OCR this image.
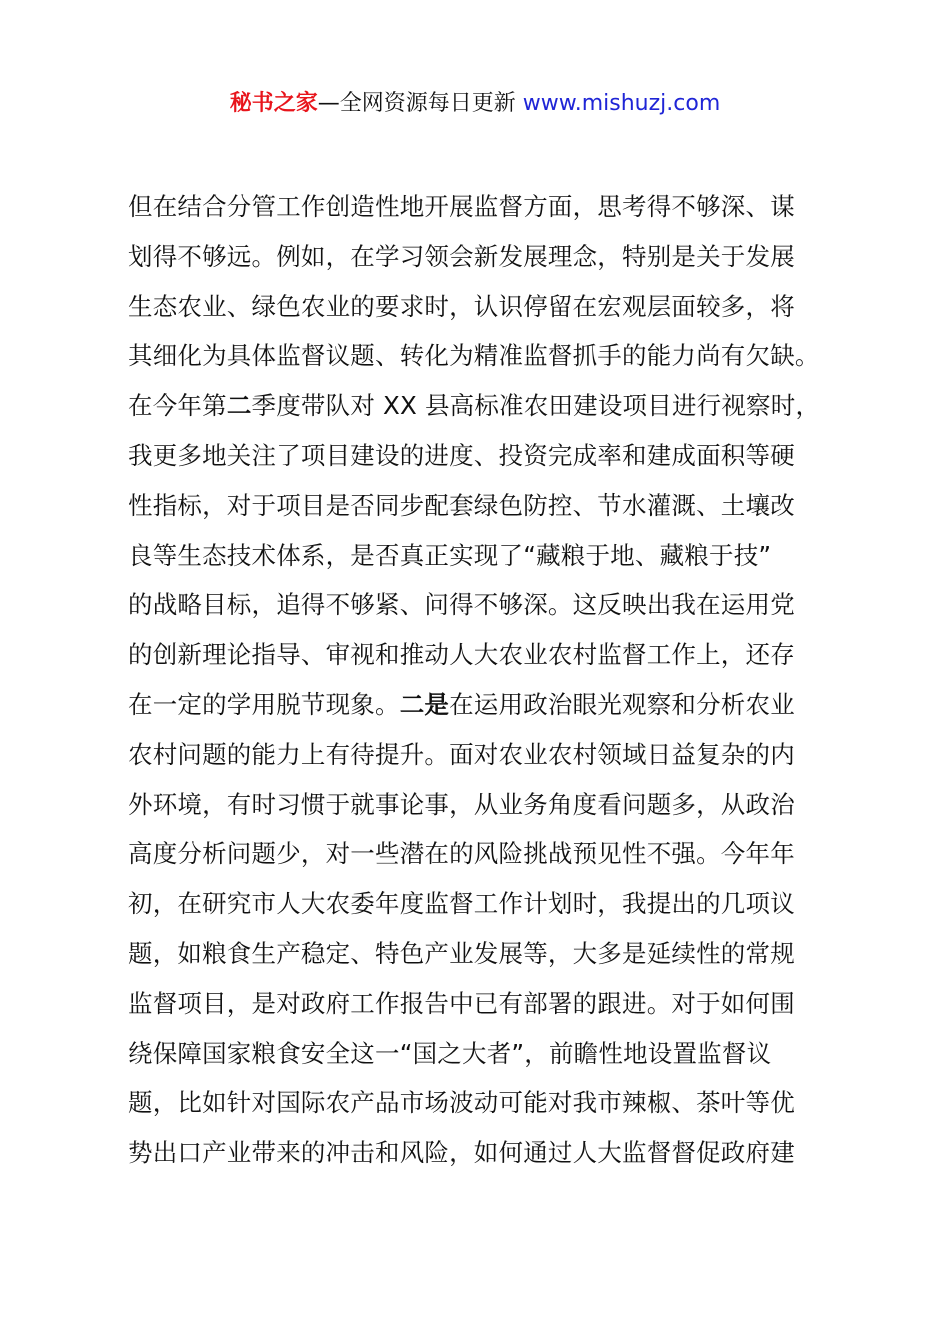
秘书之家—全网资源每日更新 www.mishuzj.com
但在结合分管工作创造性地开展监督方面，思考得不够深、谋
划得不够远。例如，在学习领会新发展理念，特别是关于发展
生态农业、绿色农业的要求时，认识停留在宏观层面较多，将
其细化为具体监督议题、转化为精准监督抓手的能力尚有欠缺。
在今年第二季度带队对 XX 县高标准农田建设项目进行视察时，
我更多地关注了项目建设的进度、投资完成率和建成面积等硬
性指标，对于项目是否同步配套绿色防控、节水灌溉、土壤改
良等生态技术体系，是否真正实现了“藏粮于地、藏粮于技”
的战略目标，追得不够紧、问得不够深。这反映出我在运用党
的创新理论指导、审视和推动人大农业农村监督工作上，还存
在一定的学用脱节现象。二是在运用政治眼光观察和分析农业
农村问题的能力上有待提升。面对农业农村领域日益复杂的内
外环境，有时习惯于就事论事，从业务角度看问题多，从政治
高度分析问题少，对一些潜在的风险挑战预见性不强。今年年
初，在研究市人大农委年度监督工作计划时，我提出的几项议
题，如粮食生产稳定、特色产业发展等，大多是延续性的常规
监督项目，是对政府工作报告中已有部署的跟进。对于如何围
绕保障国家粮食安全这一“国之大者”，前瞻性地设置监督议
题，比如针对国际农产品市场波动可能对我市辣椒、茶叶等优
势出口产业带来的冲击和风险，如何通过人大监督督促政府建
